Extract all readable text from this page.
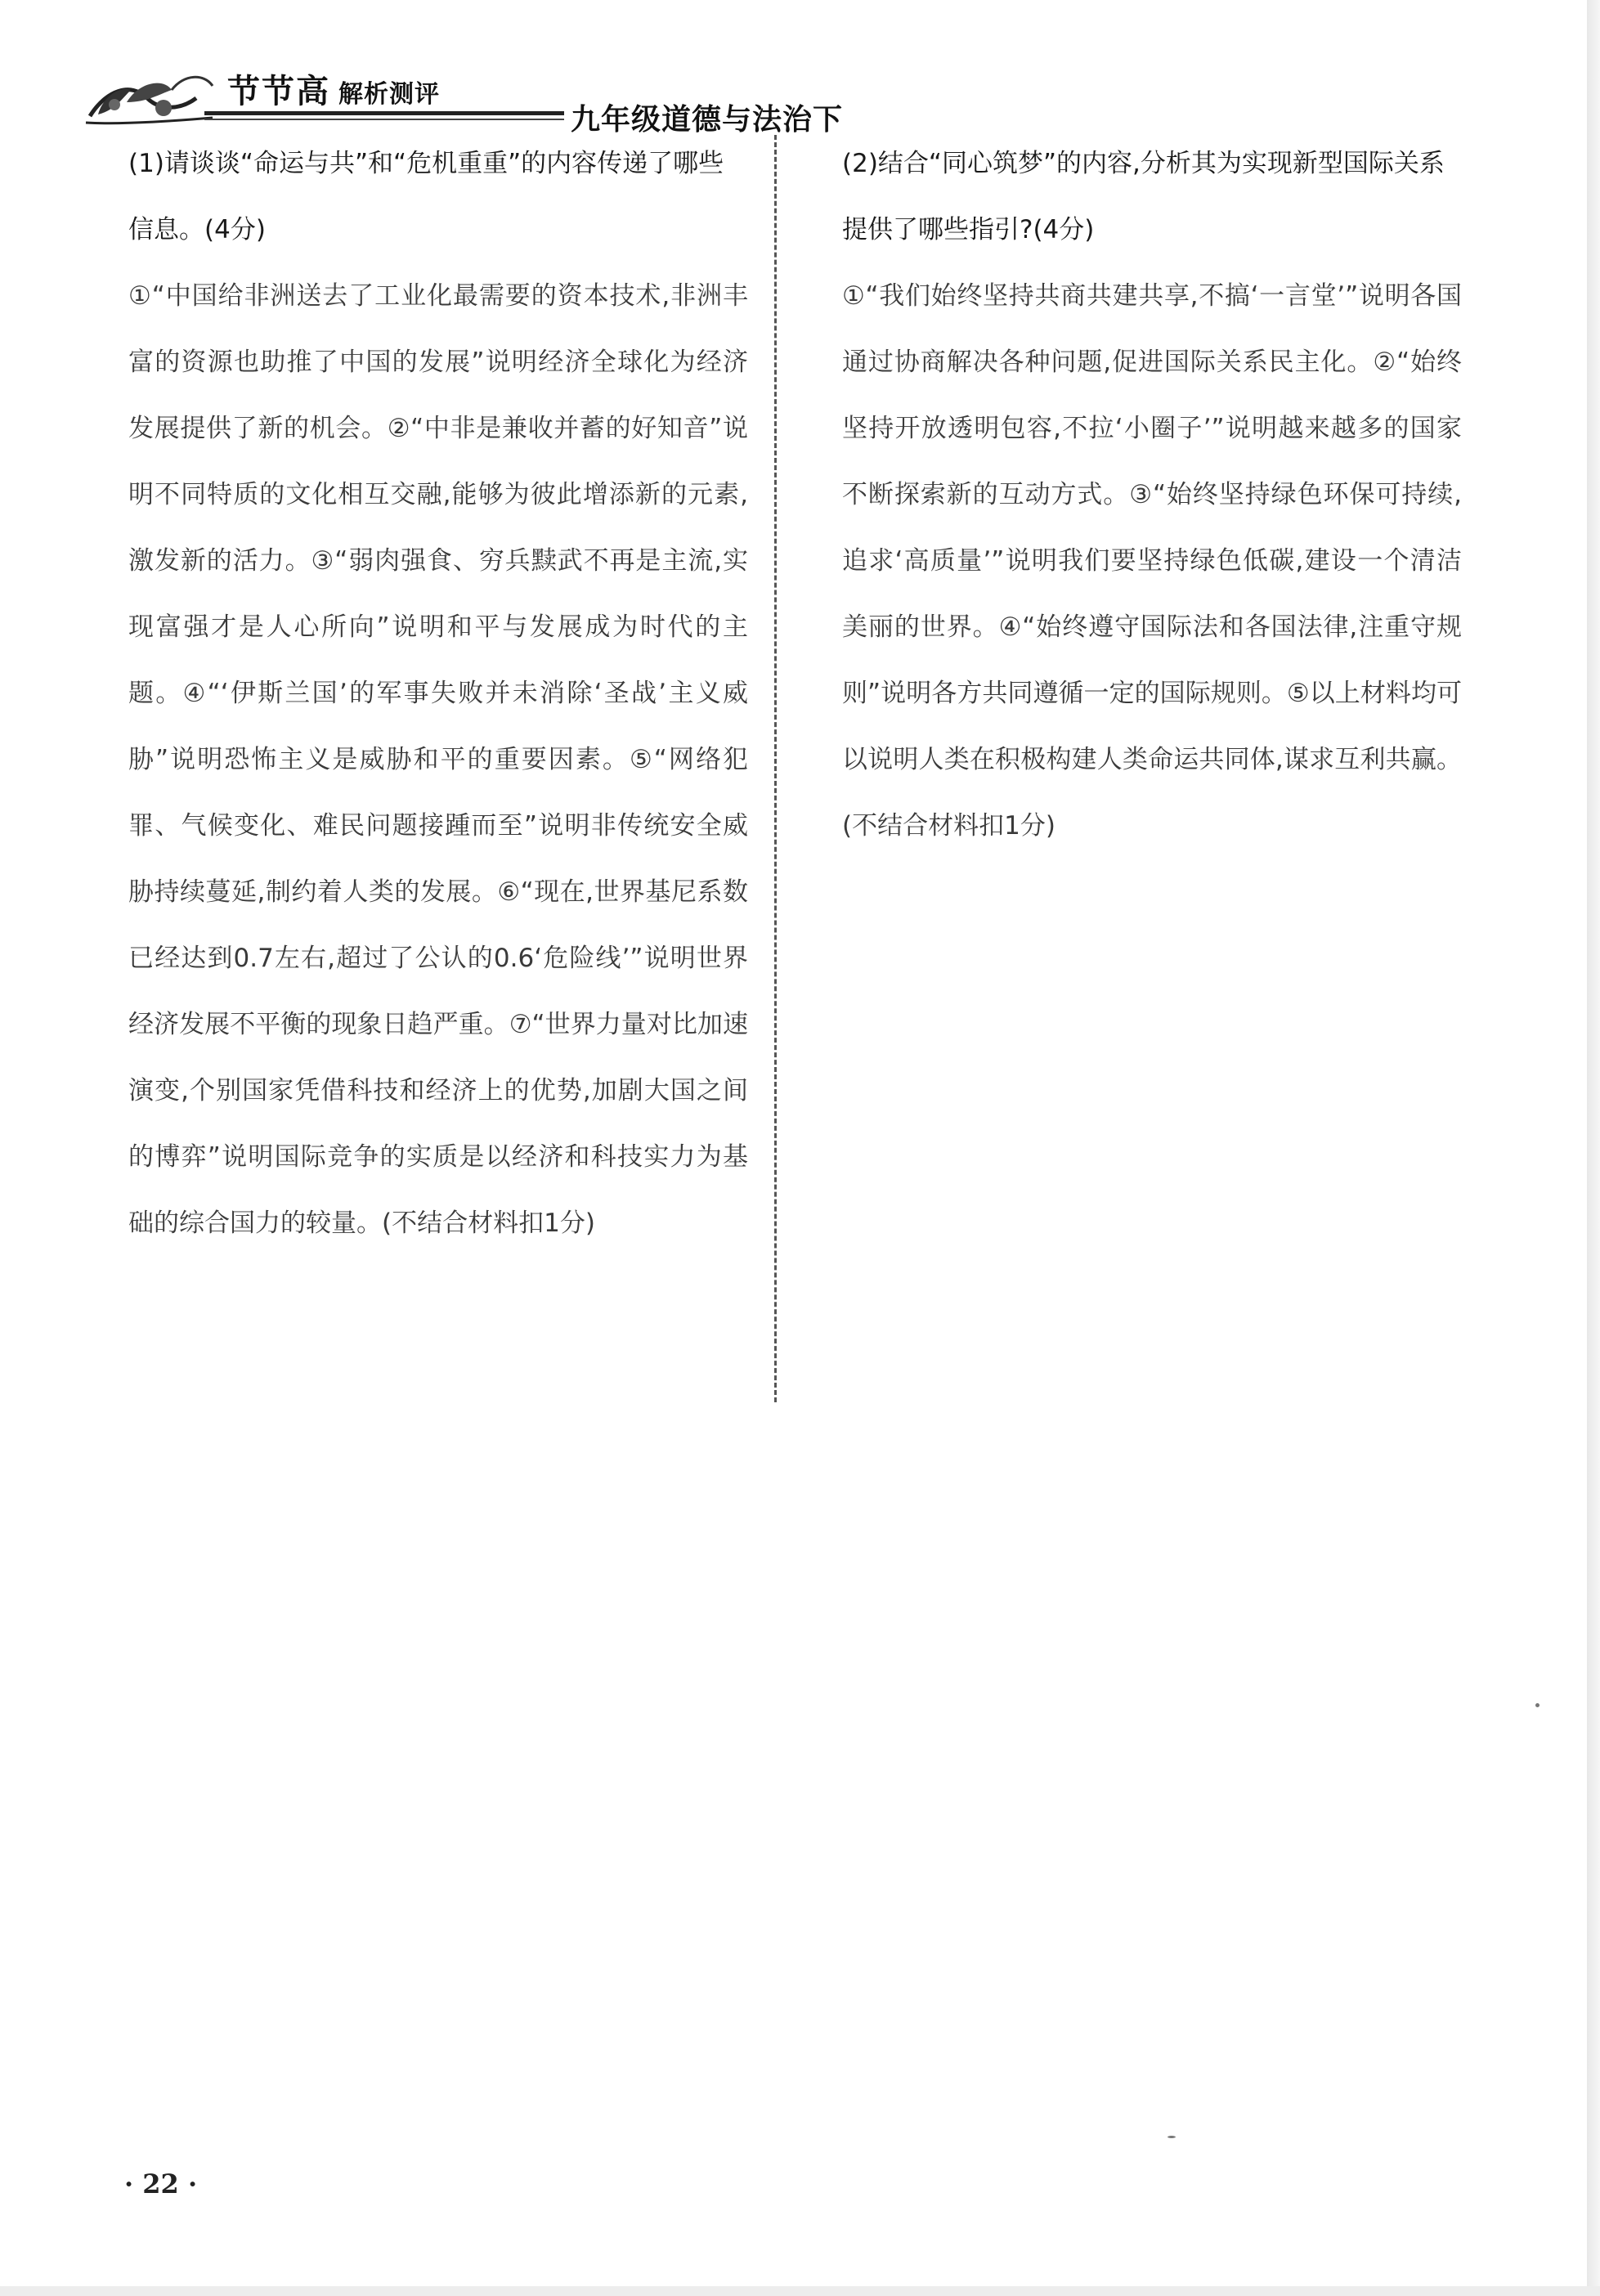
节节高 解析测评
九年级道德与法治下

(1)请谈谈“命运与共”和“危机重重”的内容传递了哪些信息。(4分)

①“中国给非洲送去了工业化最需要的资本技术,非洲丰富的资源也助推了中国的发展”说明经济全球化为经济发展提供了新的机会。②“中非是兼收并蓄的好知音”说明不同特质的文化相互交融,能够为彼此增添新的元素,激发新的活力。③“弱肉强食、穷兵黩武不再是主流,实现富强才是人心所向”说明和平与发展成为时代的主题。④“‘伊斯兰国’的军事失败并未消除‘圣战’主义威胁”说明恐怖主义是威胁和平的重要因素。⑤“网络犯罪、气候变化、难民问题接踵而至”说明非传统安全威胁持续蔓延,制约着人类的发展。⑥“现在,世界基尼系数已经达到0.7左右,超过了公认的0.6‘危险线’”说明世界经济发展不平衡的现象日趋严重。⑦“世界力量对比加速演变,个别国家凭借科技和经济上的优势,加剧大国之间的博弈”说明国际竞争的实质是以经济和科技实力为基础的综合国力的较量。(不结合材料扣1分)

(2)结合“同心筑梦”的内容,分析其为实现新型国际关系提供了哪些指引?(4分)

①“我们始终坚持共商共建共享,不搞‘一言堂’”说明各国通过协商解决各种问题,促进国际关系民主化。②“始终坚持开放透明包容,不拉‘小圈子’”说明越来越多的国家不断探索新的互动方式。③“始终坚持绿色环保可持续,追求‘高质量’”说明我们要坚持绿色低碳,建设一个清洁美丽的世界。④“始终遵守国际法和各国法律,注重守规则”说明各方共同遵循一定的国际规则。⑤以上材料均可以说明人类在积极构建人类命运共同体,谋求互利共赢。(不结合材料扣1分)

· 22 ·
